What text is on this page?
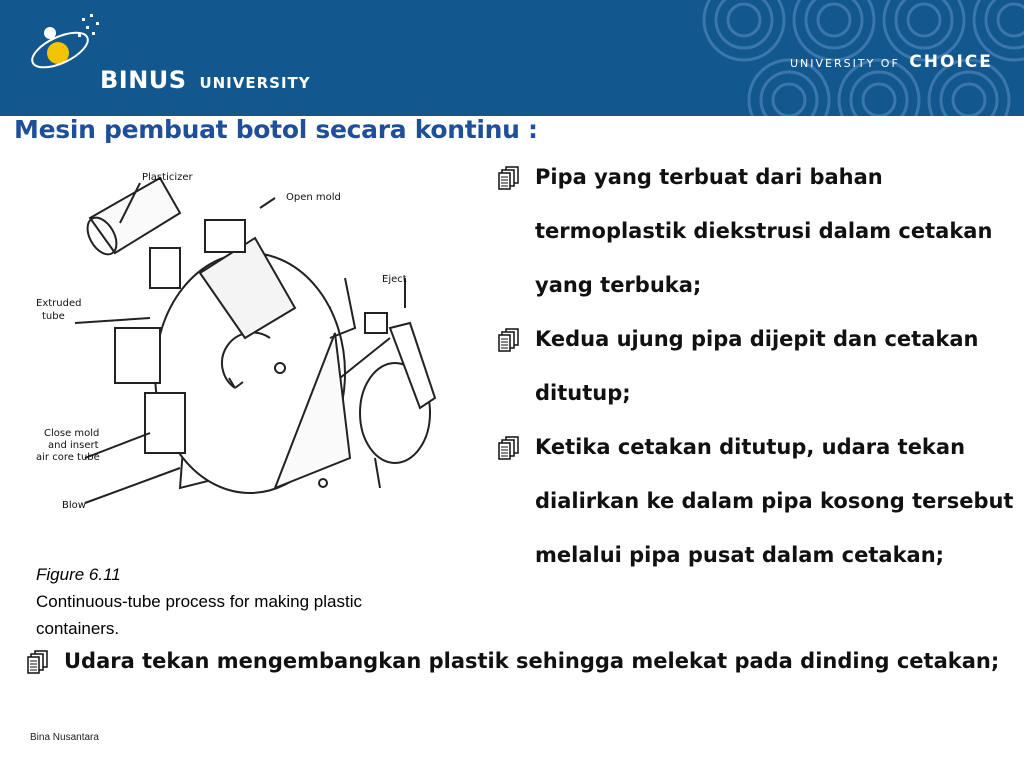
BINUS UNIVERSITY
UNIVERSITY OF CHOICE
Mesin pembuat botol secara kontinu :
Plasticizer
Open mold
Eject
Extruded tube
Close mold and insert air core tube
Blow
Figure 6.11
Continuous-tube process for making plastic containers.

Pipa yang terbuat dari bahan termoplastik diekstrusi dalam cetakan yang terbuka;

Kedua ujung pipa dijepit dan cetakan ditutup;

Ketika cetakan ditutup, udara tekan dialirkan ke dalam pipa kosong tersebut melalui pipa pusat dalam cetakan;

Udara tekan mengembangkan plastik sehingga melekat pada dinding cetakan;

Bina Nusantara
